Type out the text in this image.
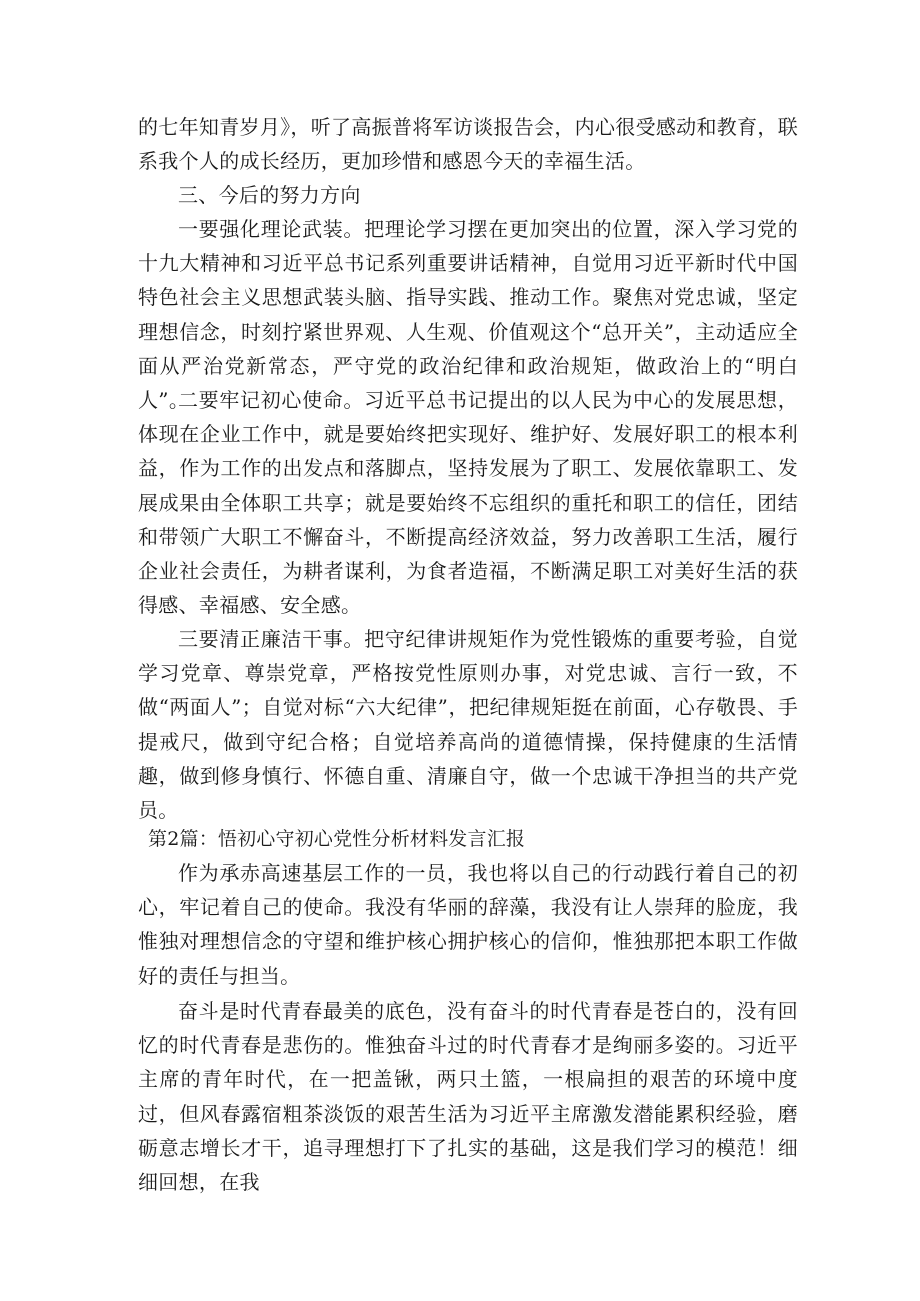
的七年知青岁月》，听了高振普将军访谈报告会，内心很受感动和教育，联系我个人的成长经历，更加珍惜和感恩今天的幸福生活。

三、今后的努力方向

一要强化理论武装。把理论学习摆在更加突出的位置，深入学习党的十九大精神和习近平总书记系列重要讲话精神，自觉用习近平新时代中国特色社会主义思想武装头脑、指导实践、推动工作。聚焦对党忠诚，坚定理想信念，时刻拧紧世界观、人生观、价值观这个“总开关”，主动适应全面从严治党新常态，严守党的政治纪律和政治规矩，做政治上的“明白人”。

二要牢记初心使命。习近平总书记提出的以人民为中心的发展思想，体现在企业工作中，就是要始终把实现好、维护好、发展好职工的根本利益，作为工作的出发点和落脚点，坚持发展为了职工、发展依靠职工、发展成果由全体职工共享；就是要始终不忘组织的重托和职工的信任，团结和带领广大职工不懈奋斗，不断提高经济效益，努力改善职工生活，履行企业社会责任，为耕者谋利，为食者造福，不断满足职工对美好生活的获得感、幸福感、安全感。

三要清正廉洁干事。把守纪律讲规矩作为党性锻炼的重要考验，自觉学习党章、尊崇党章，严格按党性原则办事，对党忠诚、言行一致，不做“两面人”；自觉对标“六大纪律”，把纪律规矩挺在前面，心存敬畏、手提戒尺，做到守纪合格；自觉培养高尚的道德情操，保持健康的生活情趣，做到修身慎行、怀德自重、清廉自守，做一个忠诚干净担当的共产党员。

第2篇：悟初心守初心党性分析材料发言汇报

作为承赤高速基层工作的一员，我也将以自己的行动践行着自己的初心，牢记着自己的使命。我没有华丽的辞藻，我没有让人崇拜的脸庞，我惟独对理想信念的守望和维护核心拥护核心的信仰，惟独那把本职工作做好的责任与担当。

奋斗是时代青春最美的底色，没有奋斗的时代青春是苍白的，没有回忆的时代青春是悲伤的。惟独奋斗过的时代青春才是绚丽多姿的。习近平主席的青年时代，在一把盖锹，两只土篮，一根扁担的艰苦的环境中度过，但风春露宿粗茶淡饭的艰苦生活为习近平主席激发潜能累积经验，磨砺意志增长才干，追寻理想打下了扎实的基础，这是我们学习的模范！细细回想，在我
